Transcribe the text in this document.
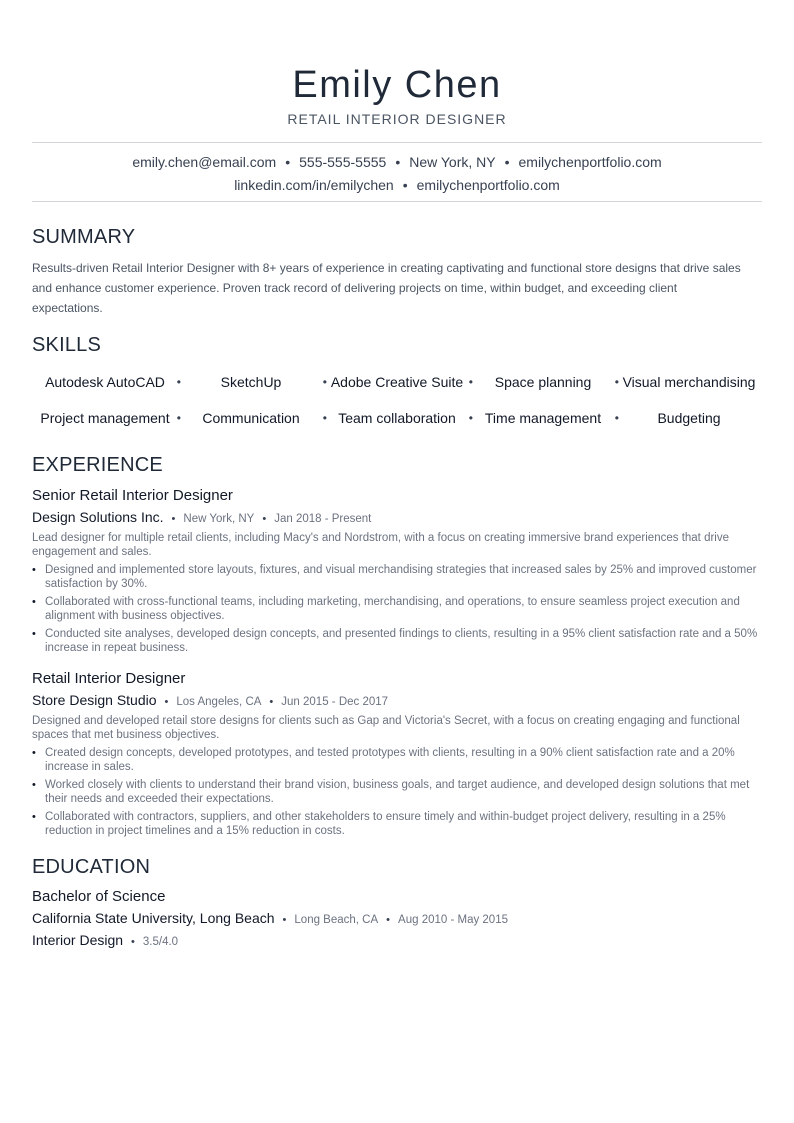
Emily Chen
RETAIL INTERIOR DESIGNER
emily.chen@email.com • 555-555-5555 • New York, NY • emilychenportfolio.com
linkedin.com/in/emilychen • emilychenportfolio.com
SUMMARY
Results-driven Retail Interior Designer with 8+ years of experience in creating captivating and functional store designs that drive sales and enhance customer experience. Proven track record of delivering projects on time, within budget, and exceeding client expectations.
SKILLS
Autodesk AutoCAD •	SketchUp	• Adobe Creative Suite • Space planning • Visual merchandising
Project management • Communication • Team collaboration • Time management •	Budgeting
EXPERIENCE
Senior Retail Interior Designer
Design Solutions Inc. • New York, NY • Jan 2018 - Present
Lead designer for multiple retail clients, including Macy's and Nordstrom, with a focus on creating immersive brand experiences that drive engagement and sales.
• Designed and implemented store layouts, fixtures, and visual merchandising strategies that increased sales by 25% and improved customer satisfaction by 30%.
• Collaborated with cross-functional teams, including marketing, merchandising, and operations, to ensure seamless project execution and alignment with business objectives.
• Conducted site analyses, developed design concepts, and presented findings to clients, resulting in a 95% client satisfaction rate and a 50% increase in repeat business.
Retail Interior Designer
Store Design Studio • Los Angeles, CA • Jun 2015 - Dec 2017
Designed and developed retail store designs for clients such as Gap and Victoria's Secret, with a focus on creating engaging and functional spaces that met business objectives.
• Created design concepts, developed prototypes, and tested prototypes with clients, resulting in a 90% client satisfaction rate and a 20% increase in sales.
• Worked closely with clients to understand their brand vision, business goals, and target audience, and developed design solutions that met their needs and exceeded their expectations.
• Collaborated with contractors, suppliers, and other stakeholders to ensure timely and within-budget project delivery, resulting in a 25% reduction in project timelines and a 15% reduction in costs.
EDUCATION
Bachelor of Science
California State University, Long Beach • Long Beach, CA • Aug 2010 - May 2015
Interior Design • 3.5/4.0
